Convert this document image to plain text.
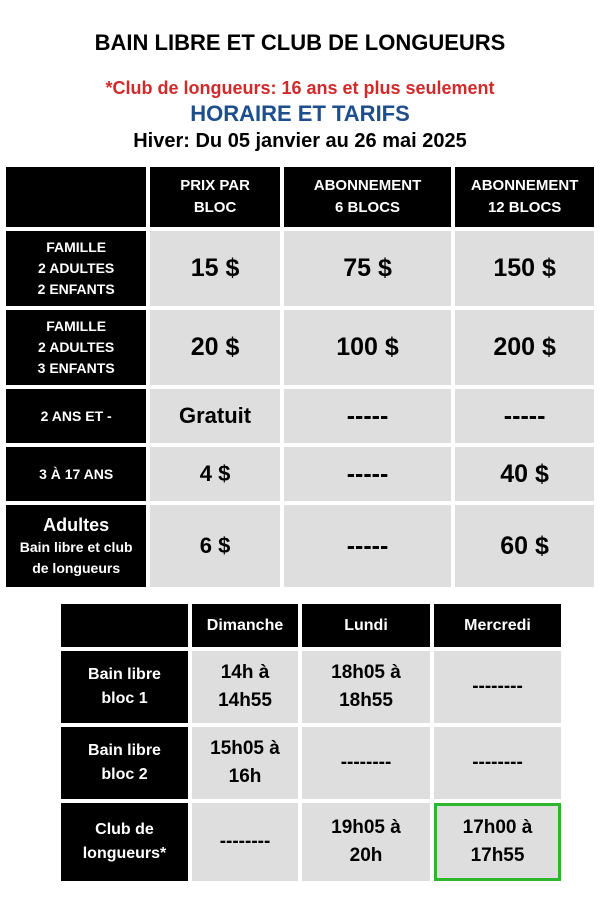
BAIN LIBRE ET CLUB DE LONGUEURS
*Club de longueurs: 16 ans et plus seulement
HORAIRE ET TARIFS
Hiver: Du 05 janvier au 26 mai 2025

	PRIX PAR
BLOC	ABONNEMENT
6 BLOCS	ABONNEMENT
12 BLOCS

FAMILLE
2 ADULTES
2 ENFANTS	15 $	75 $	150 $

FAMILLE
2 ADULTES
3 ENFANTS	20 $	100 $	200 $

2 ANS ET -	Gratuit	-----	-----

3 À 17 ANS	4 $	-----	40 $

Adultes
Bain libre et club
de longueurs	6 $	-----	60 $
	Dimanche	Lundi	Mercredi

Bain libre
bloc 1	14h à
14h55	18h05 à
18h55	--------

Bain libre
bloc 2	15h05 à
16h	--------	--------

Club de
longueurs*	--------	19h05 à
20h	17h00 à
17h55
